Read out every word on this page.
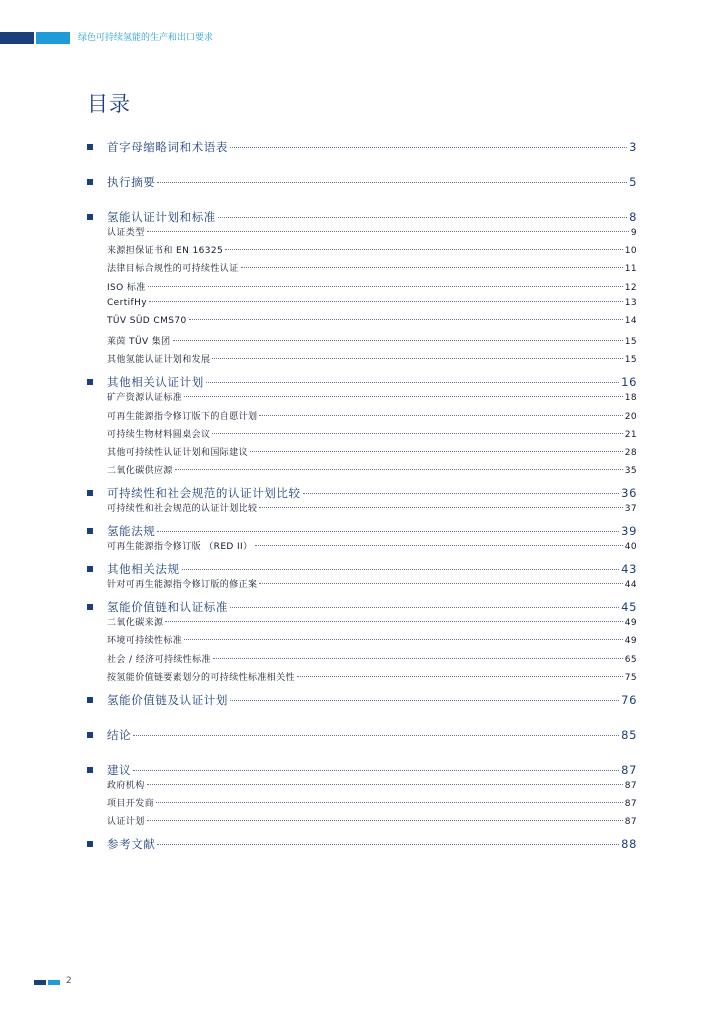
绿色可持续氢能的生产和出口要求
目录
首字母缩略词和术语表	3
执行摘要	5
氢能认证计划和标准	8
认证类型	9
来源担保证书和 EN 16325	10
法律目标合规性的可持续性认证	11
ISO 标准	12
CertifHy	13
TÜV SÜD CMS70	14
莱茵 TÜV 集团	15
其他氢能认证计划和发展	15
其他相关认证计划	16
矿产资源认证标准	18
可再生能源指令修订版下的自愿计划	20
可持续生物材料圆桌会议	21
其他可持续性认证计划和国际建议	28
二氧化碳供应源	35
可持续性和社会规范的认证计划比较	36
可持续性和社会规范的认证计划比较	37
氢能法规	39
可再生能源指令修订版 （RED II）	40
其他相关法规	43
针对可再生能源指令修订版的修正案	44
氢能价值链和认证标准	45
二氧化碳来源	49
环境可持续性标准	49
社会 / 经济可持续性标准	65
按氢能价值链要素划分的可持续性标准相关性	75
氢能价值链及认证计划	76
结论	85
建议	87
政府机构	87
项目开发商	87
认证计划	87
参考文献	88
2
